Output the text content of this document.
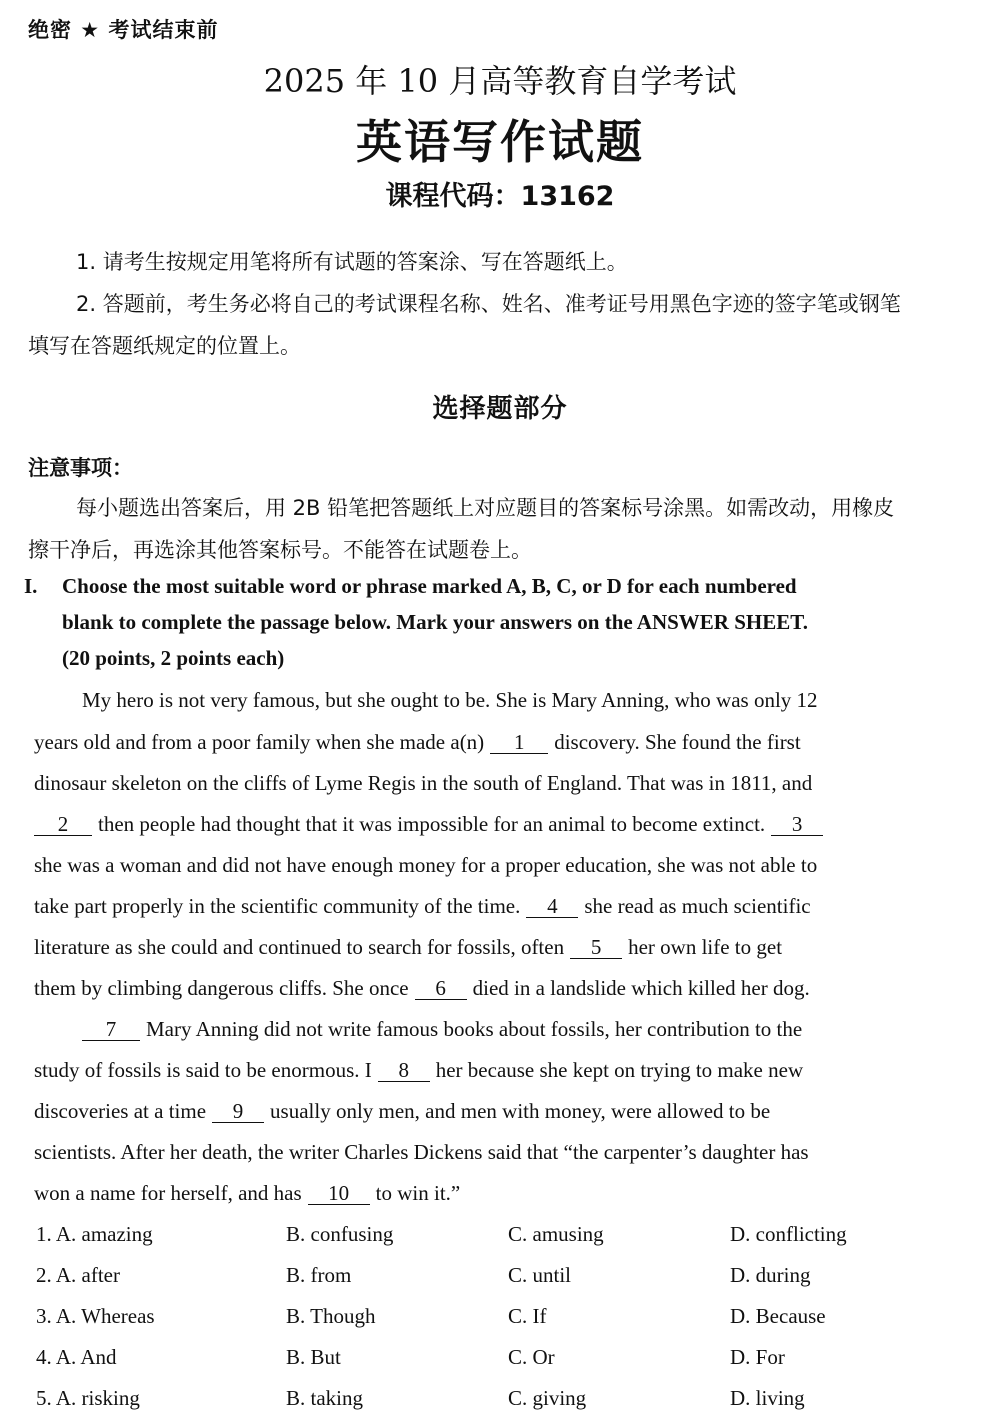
绝密 ★ 考试结束前
2025 年 10 月高等教育自学考试
英语写作试题
课程代码：13162
1. 请考生按规定用笔将所有试题的答案涂、写在答题纸上。
2. 答题前，考生务必将自己的考试课程名称、姓名、准考证号用黑色字迹的签字笔或钢笔
填写在答题纸规定的位置上。
选择题部分
注意事项：
每小题选出答案后，用 2B 铅笔把答题纸上对应题目的答案标号涂黑。如需改动，用橡皮
擦干净后，再选涂其他答案标号。不能答在试题卷上。
I. Choose the most suitable word or phrase marked A, B, C, or D for each numbered
blank to complete the passage below. Mark your answers on the ANSWER SHEET.
(20 points, 2 points each)
My hero is not very famous, but she ought to be. She is Mary Anning, who was only 12
years old and from a poor family when she made a(n) 1 discovery. She found the first
dinosaur skeleton on the cliffs of Lyme Regis in the south of England. That was in 1811, and
2 then people had thought that it was impossible for an animal to become extinct. 3
she was a woman and did not have enough money for a proper education, she was not able to
take part properly in the scientific community of the time. 4 she read as much scientific
literature as she could and continued to search for fossils, often 5 her own life to get
them by climbing dangerous cliffs. She once 6 died in a landslide which killed her dog.
7 Mary Anning did not write famous books about fossils, her contribution to the
study of fossils is said to be enormous. I 8 her because she kept on trying to make new
discoveries at a time 9 usually only men, and men with money, were allowed to be
scientists. After her death, the writer Charles Dickens said that “the carpenter’s daughter has
won a name for herself, and has 10 to win it.”
1. A. amazing	B. confusing	C. amusing	D. conflicting
2. A. after	B. from	C. until	D. during
3. A. Whereas	B. Though	C. If	D. Because
4. A. And	B. But	C. Or	D. For
5. A. risking	B. taking	C. giving	D. living
